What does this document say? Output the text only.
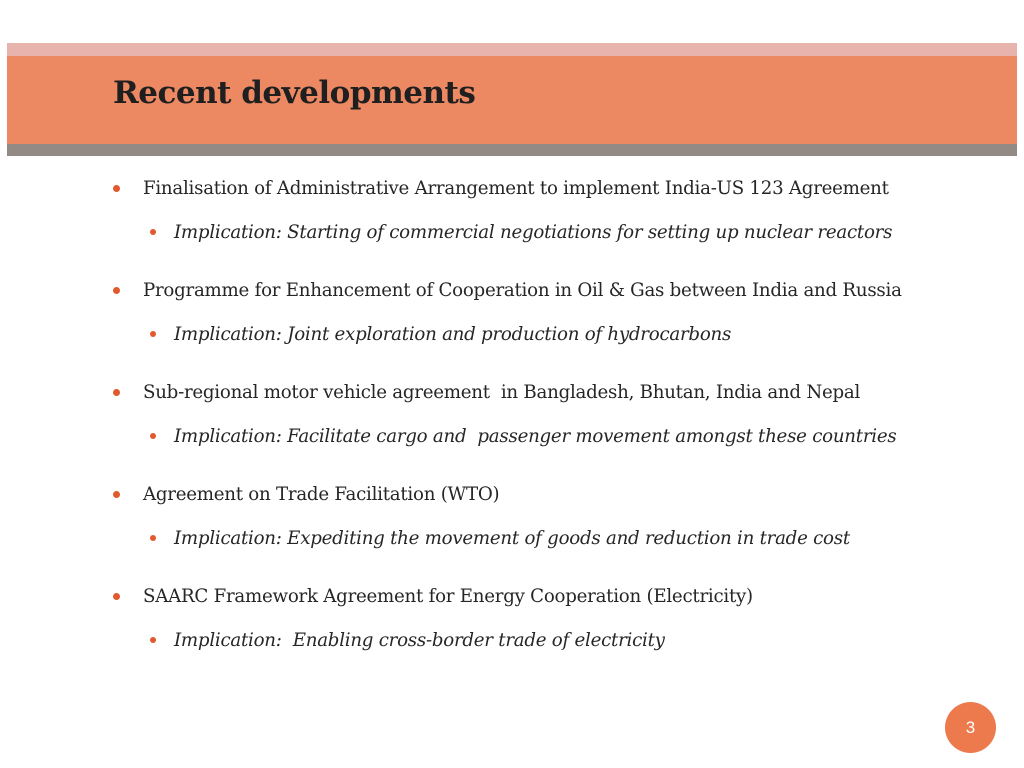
Recent developments
Finalisation of Administrative Arrangement to implement India-US 123 Agreement
Implication: Starting of commercial negotiations for setting up nuclear reactors
Programme for Enhancement of Cooperation in Oil & Gas between India and Russia
Implication: Joint exploration and production of hydrocarbons
Sub-regional motor vehicle agreement  in Bangladesh, Bhutan, India and Nepal
Implication: Facilitate cargo and  passenger movement amongst these countries
Agreement on Trade Facilitation (WTO)
Implication: Expediting the movement of goods and reduction in trade cost
SAARC Framework Agreement for Energy Cooperation (Electricity)
Implication:  Enabling cross-border trade of electricity
3
